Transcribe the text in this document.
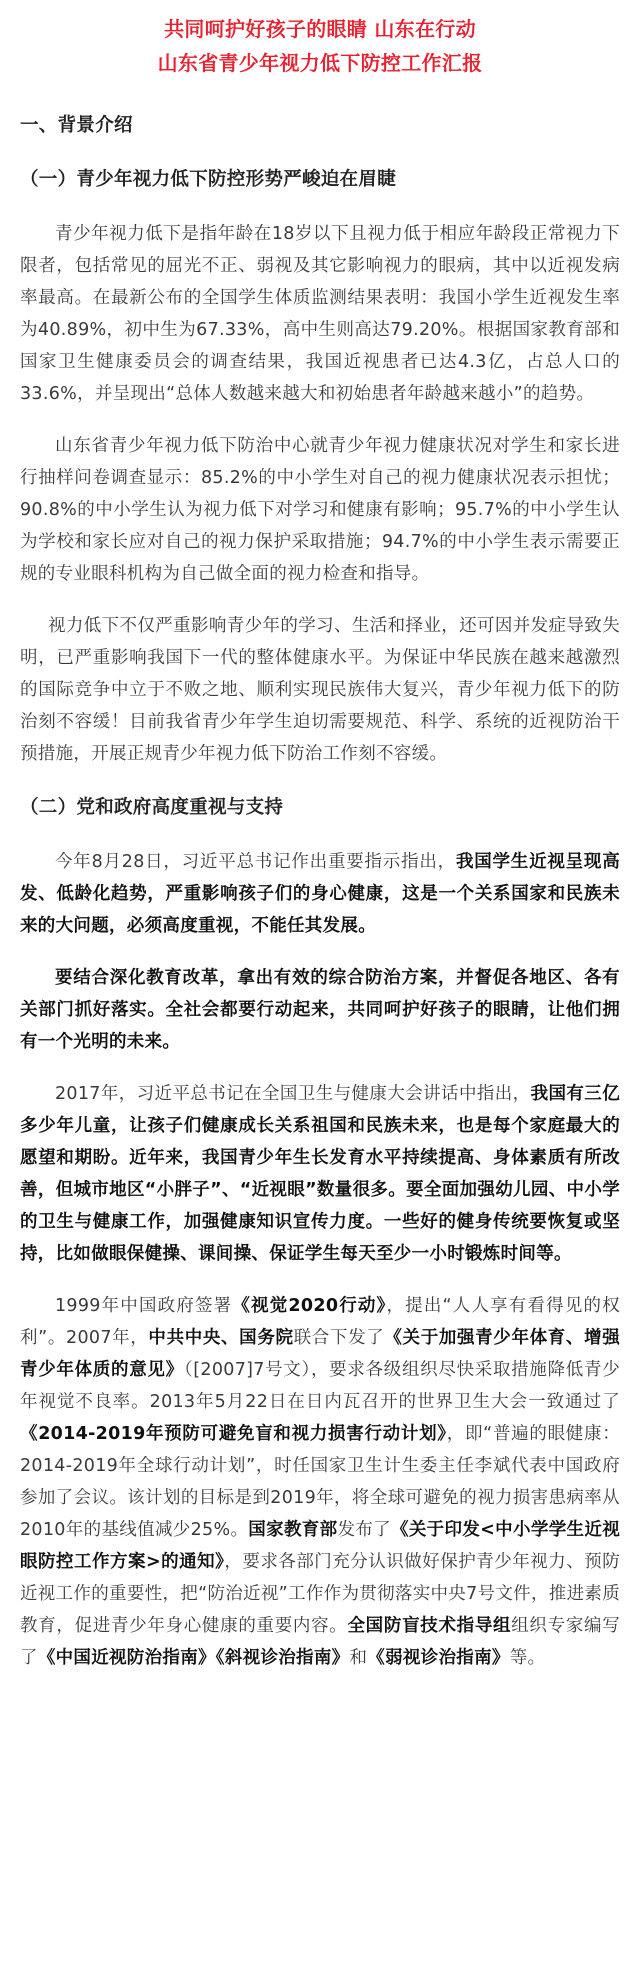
共同呵护好孩子的眼睛 山东在行动

山东省青少年视力低下防控工作汇报

一、背景介绍

（一）青少年视力低下防控形势严峻迫在眉睫

青少年视力低下是指年龄在18岁以下且视力低于相应年龄段正常视力下限者，包括常见的屈光不正、弱视及其它影响视力的眼病，其中以近视发病率最高。在最新公布的全国学生体质监测结果表明：我国小学生近视发生率为40.89%，初中生为67.33%，高中生则高达79.20%。根据国家教育部和国家卫生健康委员会的调查结果，我国近视患者已达4.3亿，占总人口的33.6%，并呈现出“总体人数越来越大和初始患者年龄越来越小”的趋势。

山东省青少年视力低下防治中心就青少年视力健康状况对学生和家长进行抽样问卷调查显示：85.2%的中小学生对自己的视力健康状况表示担忧；90.8%的中小学生认为视力低下对学习和健康有影响；95.7%的中小学生认为学校和家长应对自己的视力保护采取措施；94.7%的中小学生表示需要正规的专业眼科机构为自己做全面的视力检查和指导。

视力低下不仅严重影响青少年的学习、生活和择业，还可因并发症导致失明，已严重影响我国下一代的整体健康水平。为保证中华民族在越来越激烈的国际竞争中立于不败之地、顺利实现民族伟大复兴，青少年视力低下的防治刻不容缓！目前我省青少年学生迫切需要规范、科学、系统的近视防治干预措施，开展正规青少年视力低下防治工作刻不容缓。

（二）党和政府高度重视与支持

今年8月28日，习近平总书记作出重要指示指出，我国学生近视呈现高发、低龄化趋势，严重影响孩子们的身心健康，这是一个关系国家和民族未来的大问题，必须高度重视，不能任其发展。

要结合深化教育改革，拿出有效的综合防治方案，并督促各地区、各有关部门抓好落实。全社会都要行动起来，共同呵护好孩子的眼睛，让他们拥有一个光明的未来。

2017年，习近平总书记在全国卫生与健康大会讲话中指出，我国有三亿多少年儿童，让孩子们健康成长关系祖国和民族未来，也是每个家庭最大的愿望和期盼。近年来，我国青少年生长发育水平持续提高、身体素质有所改善，但城市地区“小胖子”、“近视眼”数量很多。要全面加强幼儿园、中小学的卫生与健康工作，加强健康知识宣传力度。一些好的健身传统要恢复或坚持，比如做眼保健操、课间操、保证学生每天至少一小时锻炼时间等。

1999年中国政府签署《视觉2020行动》，提出“人人享有看得见的权利”。2007年，中共中央、国务院联合下发了《关于加强青少年体育、增强青少年体质的意见》（[2007]7号文），要求各级组织尽快采取措施降低青少年视觉不良率。2013年5月22日在日内瓦召开的世界卫生大会一致通过了《2014-2019年预防可避免盲和视力损害行动计划》，即“普遍的眼健康：2014-2019年全球行动计划”，时任国家卫生计生委主任李斌代表中国政府参加了会议。该计划的目标是到2019年，将全球可避免的视力损害患病率从2010年的基线值减少25%。国家教育部发布了《关于印发<中小学学生近视眼防控工作方案>的通知》，要求各部门充分认识做好保护青少年视力、预防近视工作的重要性，把“防治近视”工作作为贯彻落实中央7号文件，推进素质教育，促进青少年身心健康的重要内容。全国防盲技术指导组组织专家编写了《中国近视防治指南》《斜视诊治指南》和《弱视诊治指南》等。
